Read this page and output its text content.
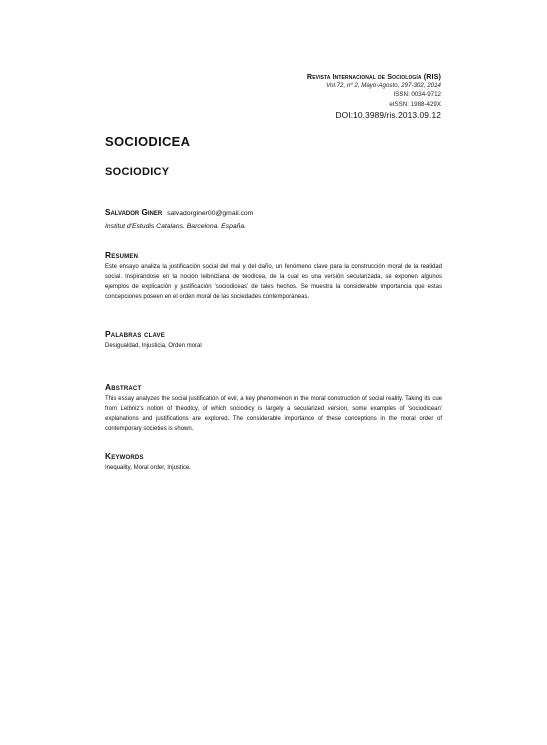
Revista Internacional de Sociología (RIS)
Vol.72, nº 2, Mayo-Agosto, 297-302, 2014
ISSN: 0034-9712
eISSN: 1988-429X
DOI:10.3989/ris.2013.09.12
SOCIODICEA
SOCIODICY
Salvador Giner salvadorginer00@gmail.com
Institut d'Estudis Catalans. Barcelona. España.
Resumen

Este ensayo analiza la justificación social del mal y del daño, un fenómeno clave para la construcción moral de la realidad social. Inspirándose en la noción leibniziana de teodicea, de la cual es una versión secularizada, se exponen algunos ejemplos de explicación y justificación 'sociodiceas' de tales hechos. Se muestra la considerable importancia que estas concepciones poseen en el orden moral de las sociedades contemporáneas.

Palabras clave

Desigualdad, Injusticia, Orden moral

Abstract

This essay analyzes the social justification of evil, a key phenomenon in the moral construction of social reality. Taking its cue from Leibniz's notion of theodicy, of which sociodicy is largely a secularized version, some examples of 'sociodicean' explanations and justifications are explored. The considerable importance of these conceptions in the moral order of contemporary societies is shown.

Keywords

Inequality, Moral order, Injustice.
